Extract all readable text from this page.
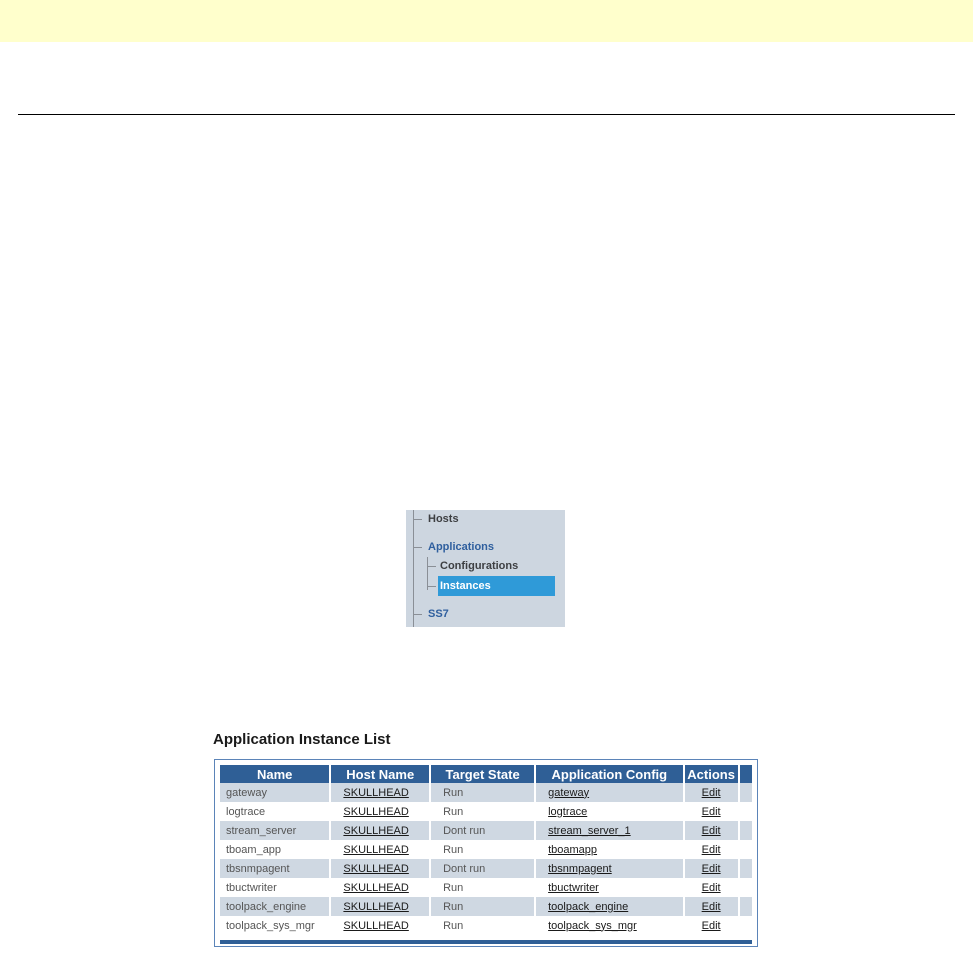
Hosts
Applications
Configurations
Instances
SS7
Application Instance List
Name	Host Name	Target State	Application Config	Actions	
gateway	SKULLHEAD	Run	gateway	Edit	
logtrace	SKULLHEAD	Run	logtrace	Edit	
stream_server	SKULLHEAD	Dont run	stream_server_1	Edit	
tboam_app	SKULLHEAD	Run	tboamapp	Edit	
tbsnmpagent	SKULLHEAD	Dont run	tbsnmpagent	Edit	
tbuctwriter	SKULLHEAD	Run	tbuctwriter	Edit	
toolpack_engine	SKULLHEAD	Run	toolpack_engine	Edit	
toolpack_sys_mgr	SKULLHEAD	Run	toolpack_sys_mgr	Edit	
